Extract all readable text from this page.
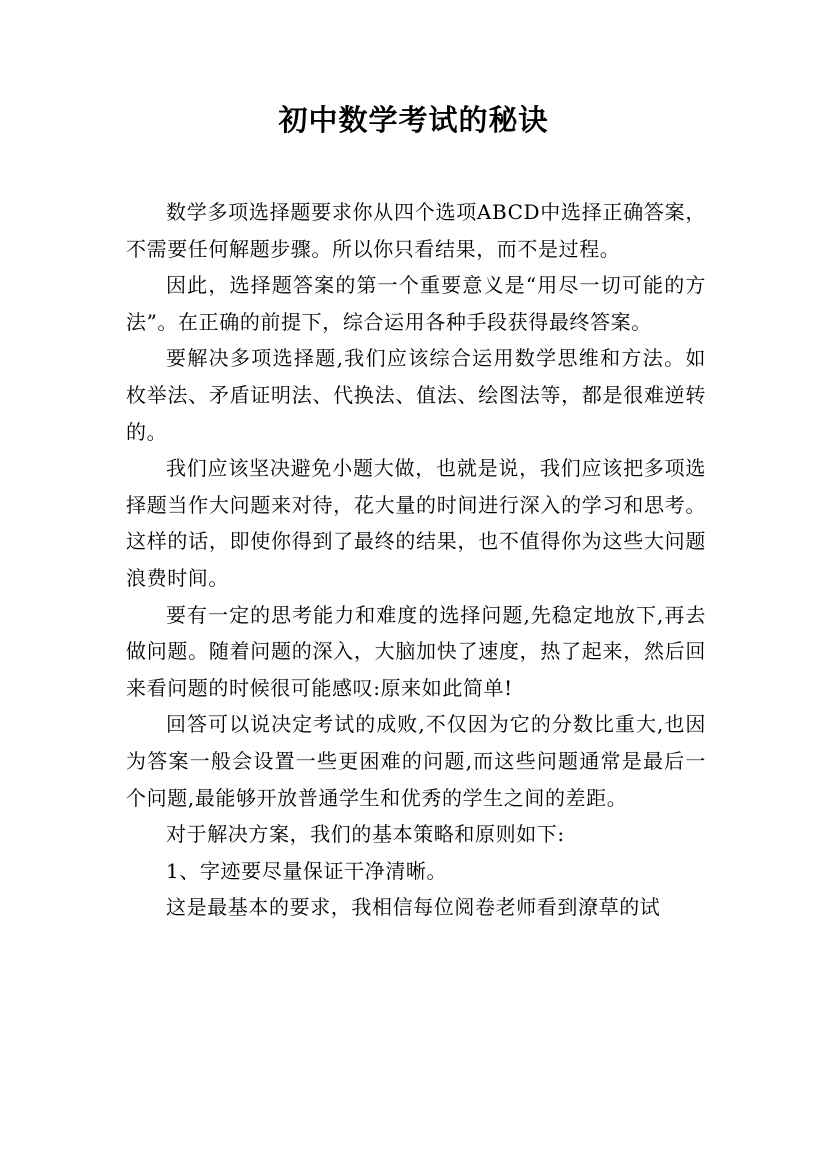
初中数学考试的秘诀

数学多项选择题要求你从四个选项ABCD中选择正确答案，不需要任何解题步骤。所以你只看结果，而不是过程。

因此，选择题答案的第一个重要意义是“用尽一切可能的方法”。在正确的前提下，综合运用各种手段获得最终答案。

要解决多项选择题,我们应该综合运用数学思维和方法。如枚举法、矛盾证明法、代换法、值法、绘图法等，都是很难逆转的。

我们应该坚决避免小题大做，也就是说，我们应该把多项选择题当作大问题来对待，花大量的时间进行深入的学习和思考。这样的话，即使你得到了最终的结果，也不值得你为这些大问题浪费时间。

要有一定的思考能力和难度的选择问题,先稳定地放下,再去做问题。随着问题的深入，大脑加快了速度，热了起来，然后回来看问题的时候很可能感叹:原来如此简单!

回答可以说决定考试的成败,不仅因为它的分数比重大,也因为答案一般会设置一些更困难的问题,而这些问题通常是最后一个问题,最能够开放普通学生和优秀的学生之间的差距。

对于解决方案，我们的基本策略和原则如下:

1、字迹要尽量保证干净清晰。

这是最基本的要求，我相信每位阅卷老师看到潦草的试
